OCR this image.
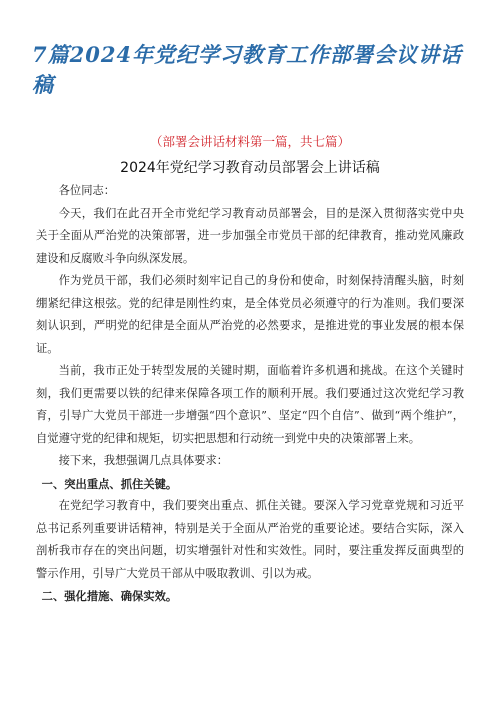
7篇2024年党纪学习教育工作部署会议讲话稿
（部署会讲话材料第一篇，共七篇）
2024年党纪学习教育动员部署会上讲话稿

各位同志：

今天，我们在此召开全市党纪学习教育动员部署会，目的是深入贯彻落实党中央关于全面从严治党的决策部署，进一步加强全市党员干部的纪律教育，推动党风廉政建设和反腐败斗争向纵深发展。

作为党员干部，我们必须时刻牢记自己的身份和使命，时刻保持清醒头脑，时刻绷紧纪律这根弦。党的纪律是刚性约束，是全体党员必须遵守的行为准则。我们要深刻认识到，严明党的纪律是全面从严治党的必然要求，是推进党的事业发展的根本保证。

当前，我市正处于转型发展的关键时期，面临着许多机遇和挑战。在这个关键时刻，我们更需要以铁的纪律来保障各项工作的顺利开展。我们要通过这次党纪学习教育，引导广大党员干部进一步增强“四个意识”、坚定“四个自信”、做到“两个维护”，自觉遵守党的纪律和规矩，切实把思想和行动统一到党中央的决策部署上来。

接下来，我想强调几点具体要求：

一、突出重点、抓住关键。

在党纪学习教育中，我们要突出重点、抓住关键。要深入学习党章党规和习近平总书记系列重要讲话精神，特别是关于全面从严治党的重要论述。要结合实际，深入剖析我市存在的突出问题，切实增强针对性和实效性。同时，要注重发挥反面典型的警示作用，引导广大党员干部从中吸取教训、引以为戒。

二、强化措施、确保实效。
